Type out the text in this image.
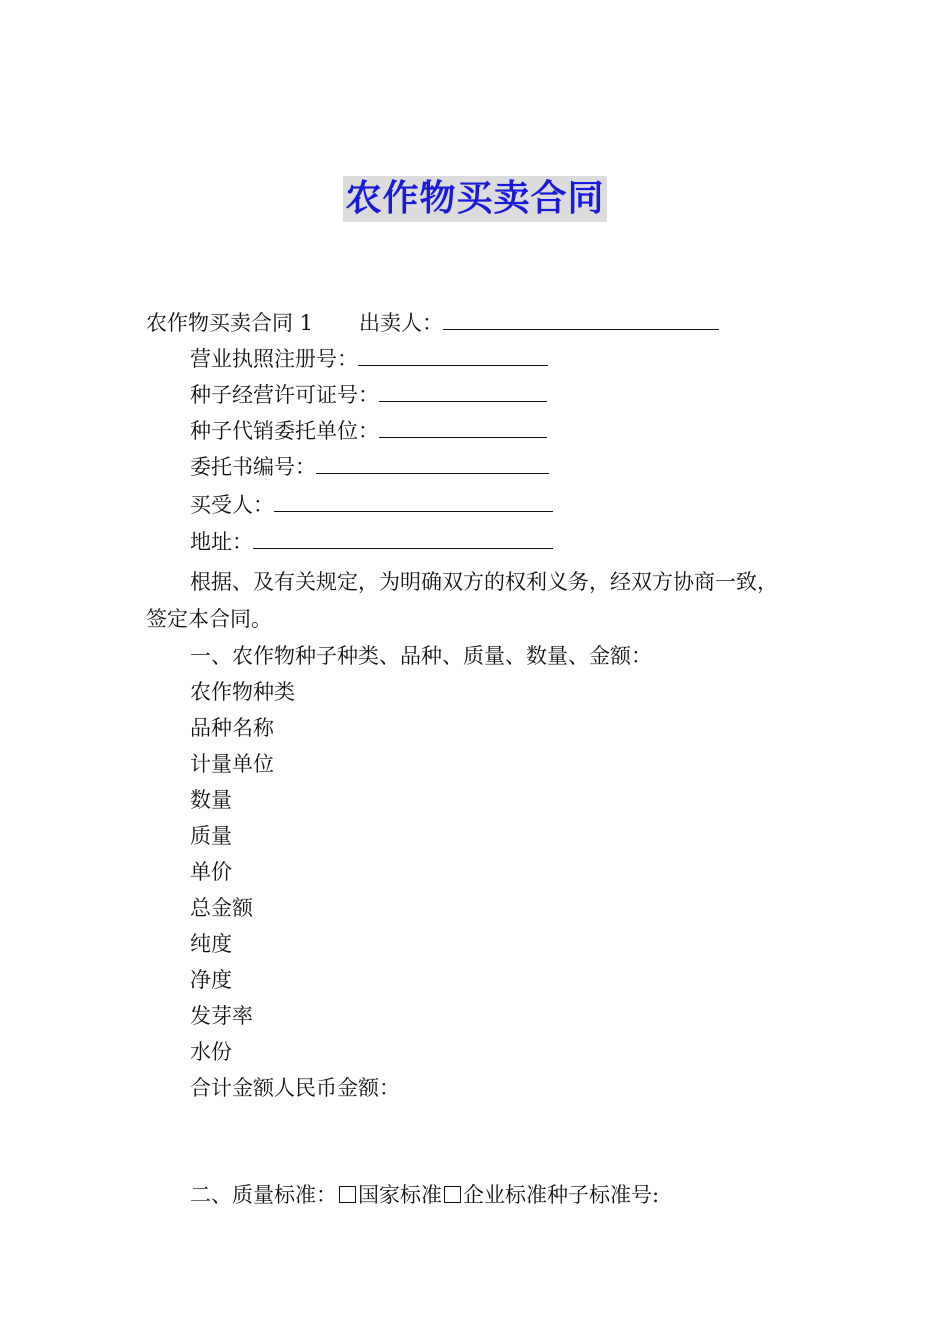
农作物买卖合同
农作物买卖合同 1 出卖人：
营业执照注册号：
种子经营许可证号：
种子代销委托单位：
委托书编号：
买受人：
地址：
根据、及有关规定，为明确双方的权利义务，经双方协商一致，
签定本合同。
一、农作物种子种类、品种、质量、数量、金额：
农作物种类
品种名称
计量单位
数量
质量
单价
总金额
纯度
净度
发芽率
水份
合计金额人民币金额：
二、质量标准： 国家标准 企业标准种子标准号:
